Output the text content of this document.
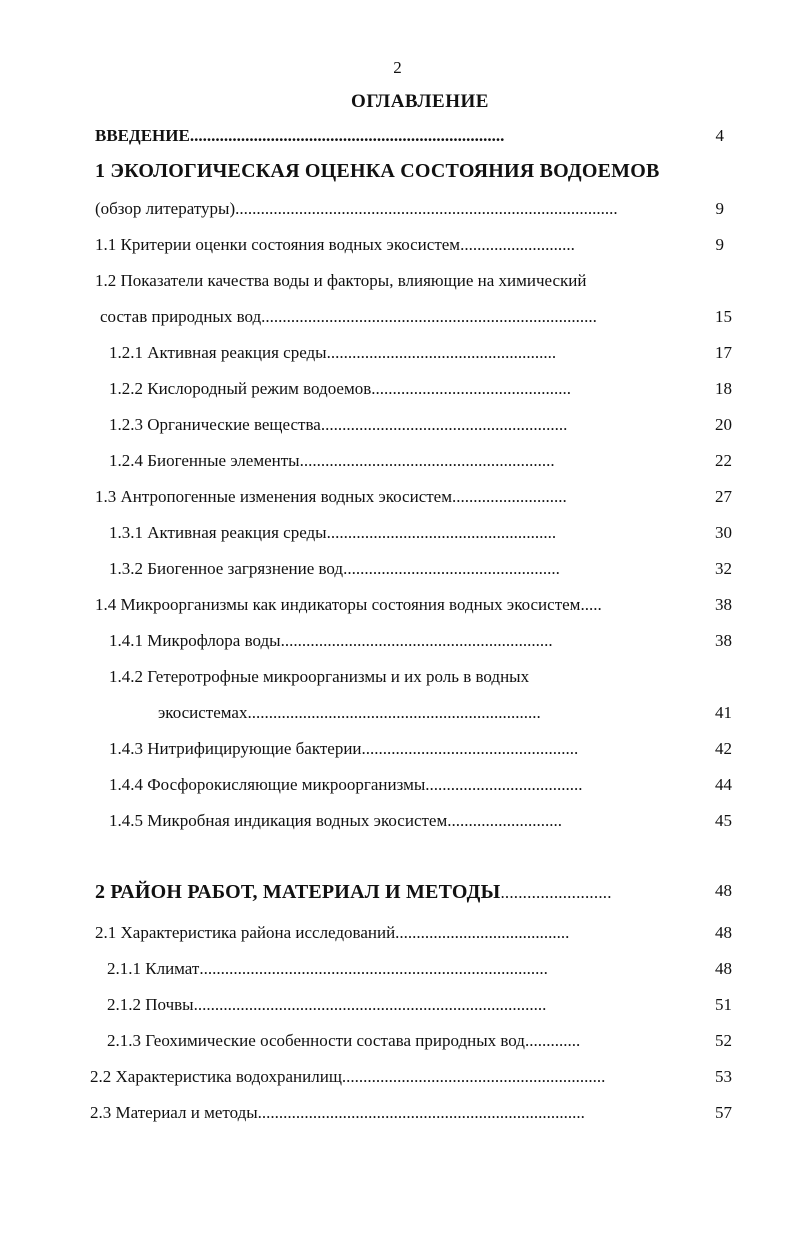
2
ОГЛАВЛЕНИЕ
ВВЕДЕНИЕ..........................................................................	4
1 ЭКОЛОГИЧЕСКАЯ ОЦЕНКА СОСТОЯНИЯ ВОДОЕМОВ
(обзор литературы)..........................................................................................	9
1.1 Критерии оценки состояния водных экосистем...........................	9
1.2 Показатели качества воды и факторы, влияющие на химический
состав природных вод...............................................................................	15
1.2.1 Активная реакция среды......................................................	17
1.2.2 Кислородный режим водоемов...............................................	18
1.2.3 Органические вещества..........................................................	20
1.2.4 Биогенные элементы............................................................	22
1.3 Антропогенные изменения водных экосистем...........................	27
1.3.1 Активная реакция среды......................................................	30
1.3.2 Биогенное загрязнение вод...................................................	32
1.4 Микроорганизмы как индикаторы состояния водных экосистем.....	38
1.4.1 Микрофлора воды................................................................	38
1.4.2 Гетеротрофные микроорганизмы и их роль в водных
экосистемах.....................................................................	41
1.4.3 Нитрифицирующие бактерии...................................................	42
1.4.4 Фосфорокисляющие микроорганизмы.....................................	44
1.4.5 Микробная индикация водных экосистем...........................	45
2 РАЙОН РАБОТ, МАТЕРИАЛ И МЕТОДЫ.........................	48
2.1 Характеристика района исследований.........................................	48
2.1.1 Климат..................................................................................	48
2.1.2 Почвы...................................................................................	51
2.1.3 Геохимические особенности состава природных вод.............	52
2.2 Характеристика водохранилищ..............................................................	53
2.3 Материал и методы.............................................................................	57
